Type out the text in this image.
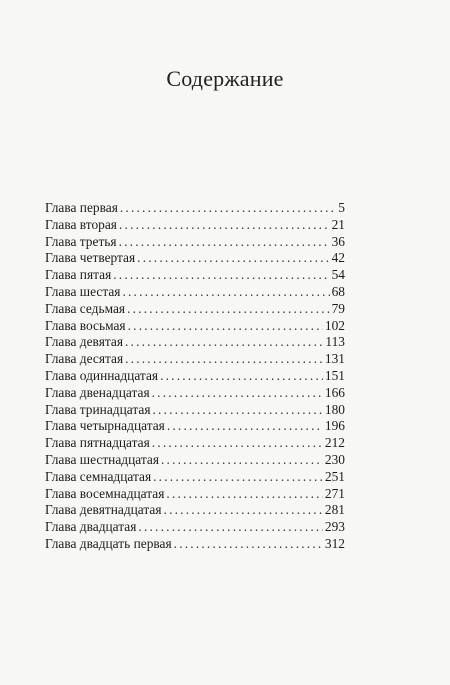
Содержание
Глава первая .....	5
Глава вторая .....	21
Глава третья .....	36
Глава четвертая .....	42
Глава пятая .....	54
Глава шестая .....	68
Глава седьмая .....	79
Глава восьмая .....	102
Глава девятая .....	113
Глава десятая .....	131
Глава одиннадцатая .....	151
Глава двенадцатая .....	166
Глава тринадцатая .....	180
Глава четырнадцатая .....	196
Глава пятнадцатая .....	212
Глава шестнадцатая .....	230
Глава семнадцатая .....	251
Глава восемнадцатая .....	271
Глава девятнадцатая .....	281
Глава двадцатая .....	293
Глава двадцать первая .....	312
